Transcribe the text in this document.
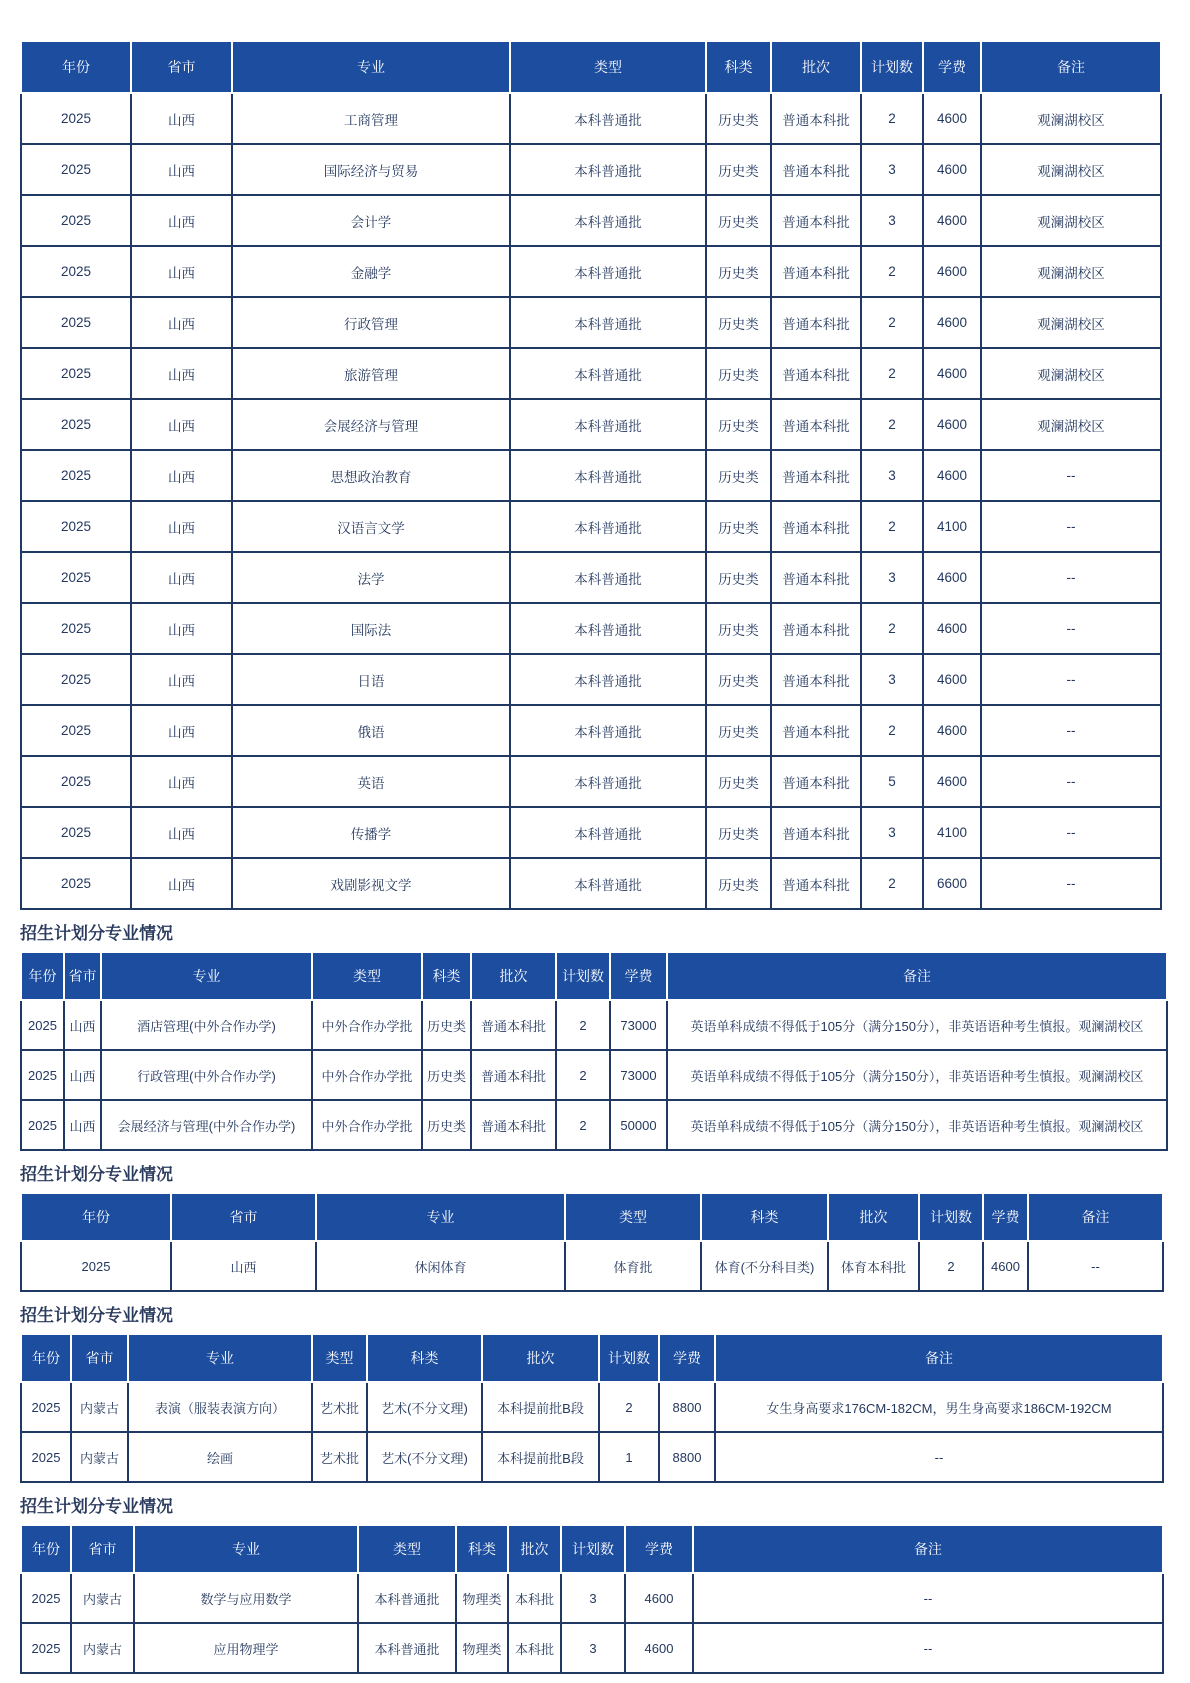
年份	省市	专业	类型	科类	批次	计划数	学费	备注
2025	山西	工商管理	本科普通批	历史类	普通本科批	2	4600	观澜湖校区
2025	山西	国际经济与贸易	本科普通批	历史类	普通本科批	3	4600	观澜湖校区
2025	山西	会计学	本科普通批	历史类	普通本科批	3	4600	观澜湖校区
2025	山西	金融学	本科普通批	历史类	普通本科批	2	4600	观澜湖校区
2025	山西	行政管理	本科普通批	历史类	普通本科批	2	4600	观澜湖校区
2025	山西	旅游管理	本科普通批	历史类	普通本科批	2	4600	观澜湖校区
2025	山西	会展经济与管理	本科普通批	历史类	普通本科批	2	4600	观澜湖校区
2025	山西	思想政治教育	本科普通批	历史类	普通本科批	3	4600	--
2025	山西	汉语言文学	本科普通批	历史类	普通本科批	2	4100	--
2025	山西	法学	本科普通批	历史类	普通本科批	3	4600	--
2025	山西	国际法	本科普通批	历史类	普通本科批	2	4600	--
2025	山西	日语	本科普通批	历史类	普通本科批	3	4600	--
2025	山西	俄语	本科普通批	历史类	普通本科批	2	4600	--
2025	山西	英语	本科普通批	历史类	普通本科批	5	4600	--
2025	山西	传播学	本科普通批	历史类	普通本科批	3	4100	--
2025	山西	戏剧影视文学	本科普通批	历史类	普通本科批	2	6600	--
招生计划分专业情况
年份	省市	专业	类型	科类	批次	计划数	学费	备注
2025	山西	酒店管理(中外合作办学)	中外合作办学批	历史类	普通本科批	2	73000	英语单科成绩不得低于105分（满分150分），非英语语种考生慎报。观澜湖校区
2025	山西	行政管理(中外合作办学)	中外合作办学批	历史类	普通本科批	2	73000	英语单科成绩不得低于105分（满分150分），非英语语种考生慎报。观澜湖校区
2025	山西	会展经济与管理(中外合作办学)	中外合作办学批	历史类	普通本科批	2	50000	英语单科成绩不得低于105分（满分150分），非英语语种考生慎报。观澜湖校区
招生计划分专业情况
年份	省市	专业	类型	科类	批次	计划数	学费	备注
2025	山西	休闲体育	体育批	体育(不分科目类)	体育本科批	2	4600	--
招生计划分专业情况
年份	省市	专业	类型	科类	批次	计划数	学费	备注
2025	内蒙古	表演（服装表演方向）	艺术批	艺术(不分文理)	本科提前批B段	2	8800	女生身高要求176CM-182CM，男生身高要求186CM-192CM
2025	内蒙古	绘画	艺术批	艺术(不分文理)	本科提前批B段	1	8800	--
招生计划分专业情况
年份	省市	专业	类型	科类	批次	计划数	学费	备注
2025	内蒙古	数学与应用数学	本科普通批	物理类	本科批	3	4600	--
2025	内蒙古	应用物理学	本科普通批	物理类	本科批	3	4600	--
